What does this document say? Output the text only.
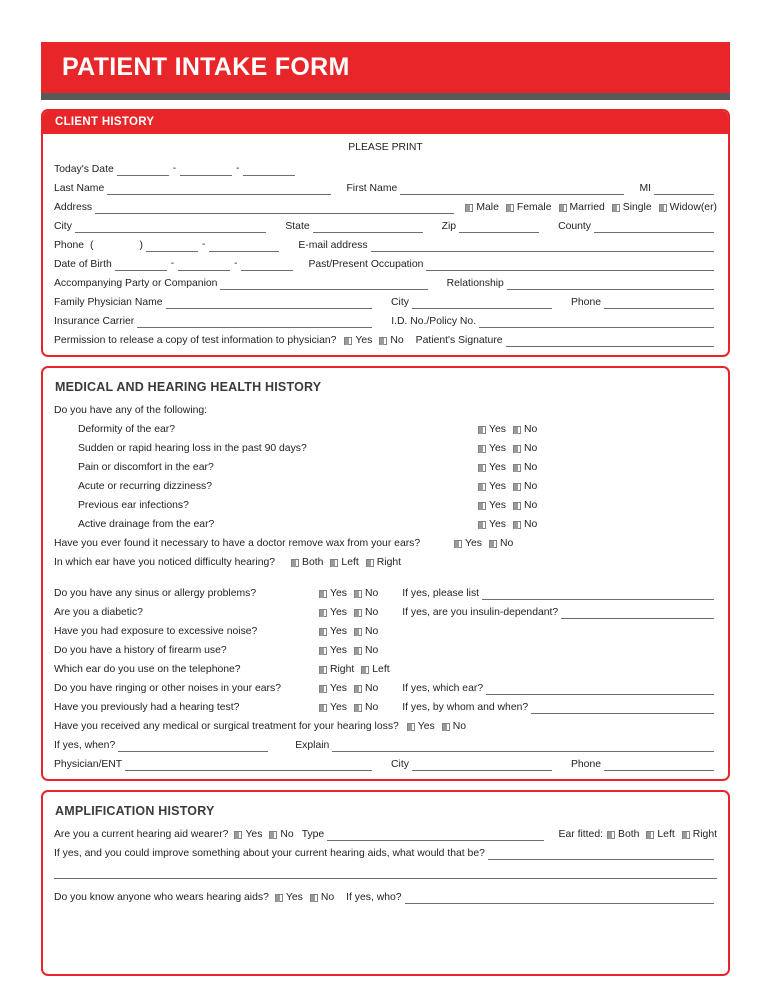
PATIENT INTAKE FORM
CLIENT HISTORY
PLEASE PRINT
Today's Date	-	-
Last Name	First Name	MI
Address	Male Female Married Single Widow(er)
City	State	Zip	County
Phone (	)	-	E-mail address
Date of Birth	-	-	Past/Present Occupation
Accompanying Party or Companion	Relationship
Family Physician Name	City	Phone
Insurance Carrier	I.D. No./Policy No.
Permission to release a copy of test information to physician? Yes No Patient's Signature
MEDICAL AND HEARING HEALTH HISTORY
Do you have any of the following:
Deformity of the ear?	Yes No
Sudden or rapid hearing loss in the past 90 days?	Yes No
Pain or discomfort in the ear?	Yes No
Acute or recurring dizziness?	Yes No
Previous ear infections?	Yes No
Active drainage from the ear?	Yes No
Have you ever found it necessary to have a doctor remove wax from your ears?	Yes No
In which ear have you noticed difficulty hearing?	Both Left Right
Do you have any sinus or allergy problems?	Yes No If yes, please list
Are you a diabetic?	Yes No If yes, are you insulin-dependant?
Have you had exposure to excessive noise?	Yes No
Do you have a history of firearm use?	Yes No
Which ear do you use on the telephone?	Right Left
Do you have ringing or other noises in your ears?	Yes No If yes, which ear?
Have you previously had a hearing test?	Yes No If yes, by whom and when?
Have you received any medical or surgical treatment for your hearing loss? Yes No
If yes, when?	Explain
Physician/ENT	City	Phone
AMPLIFICATION HISTORY
Are you a current hearing aid wearer? Yes No Type	Ear fitted: Both Left Right
If yes, and you could improve something about your current hearing aids, what would that be?
Do you know anyone who wears hearing aids? Yes No If yes, who?
